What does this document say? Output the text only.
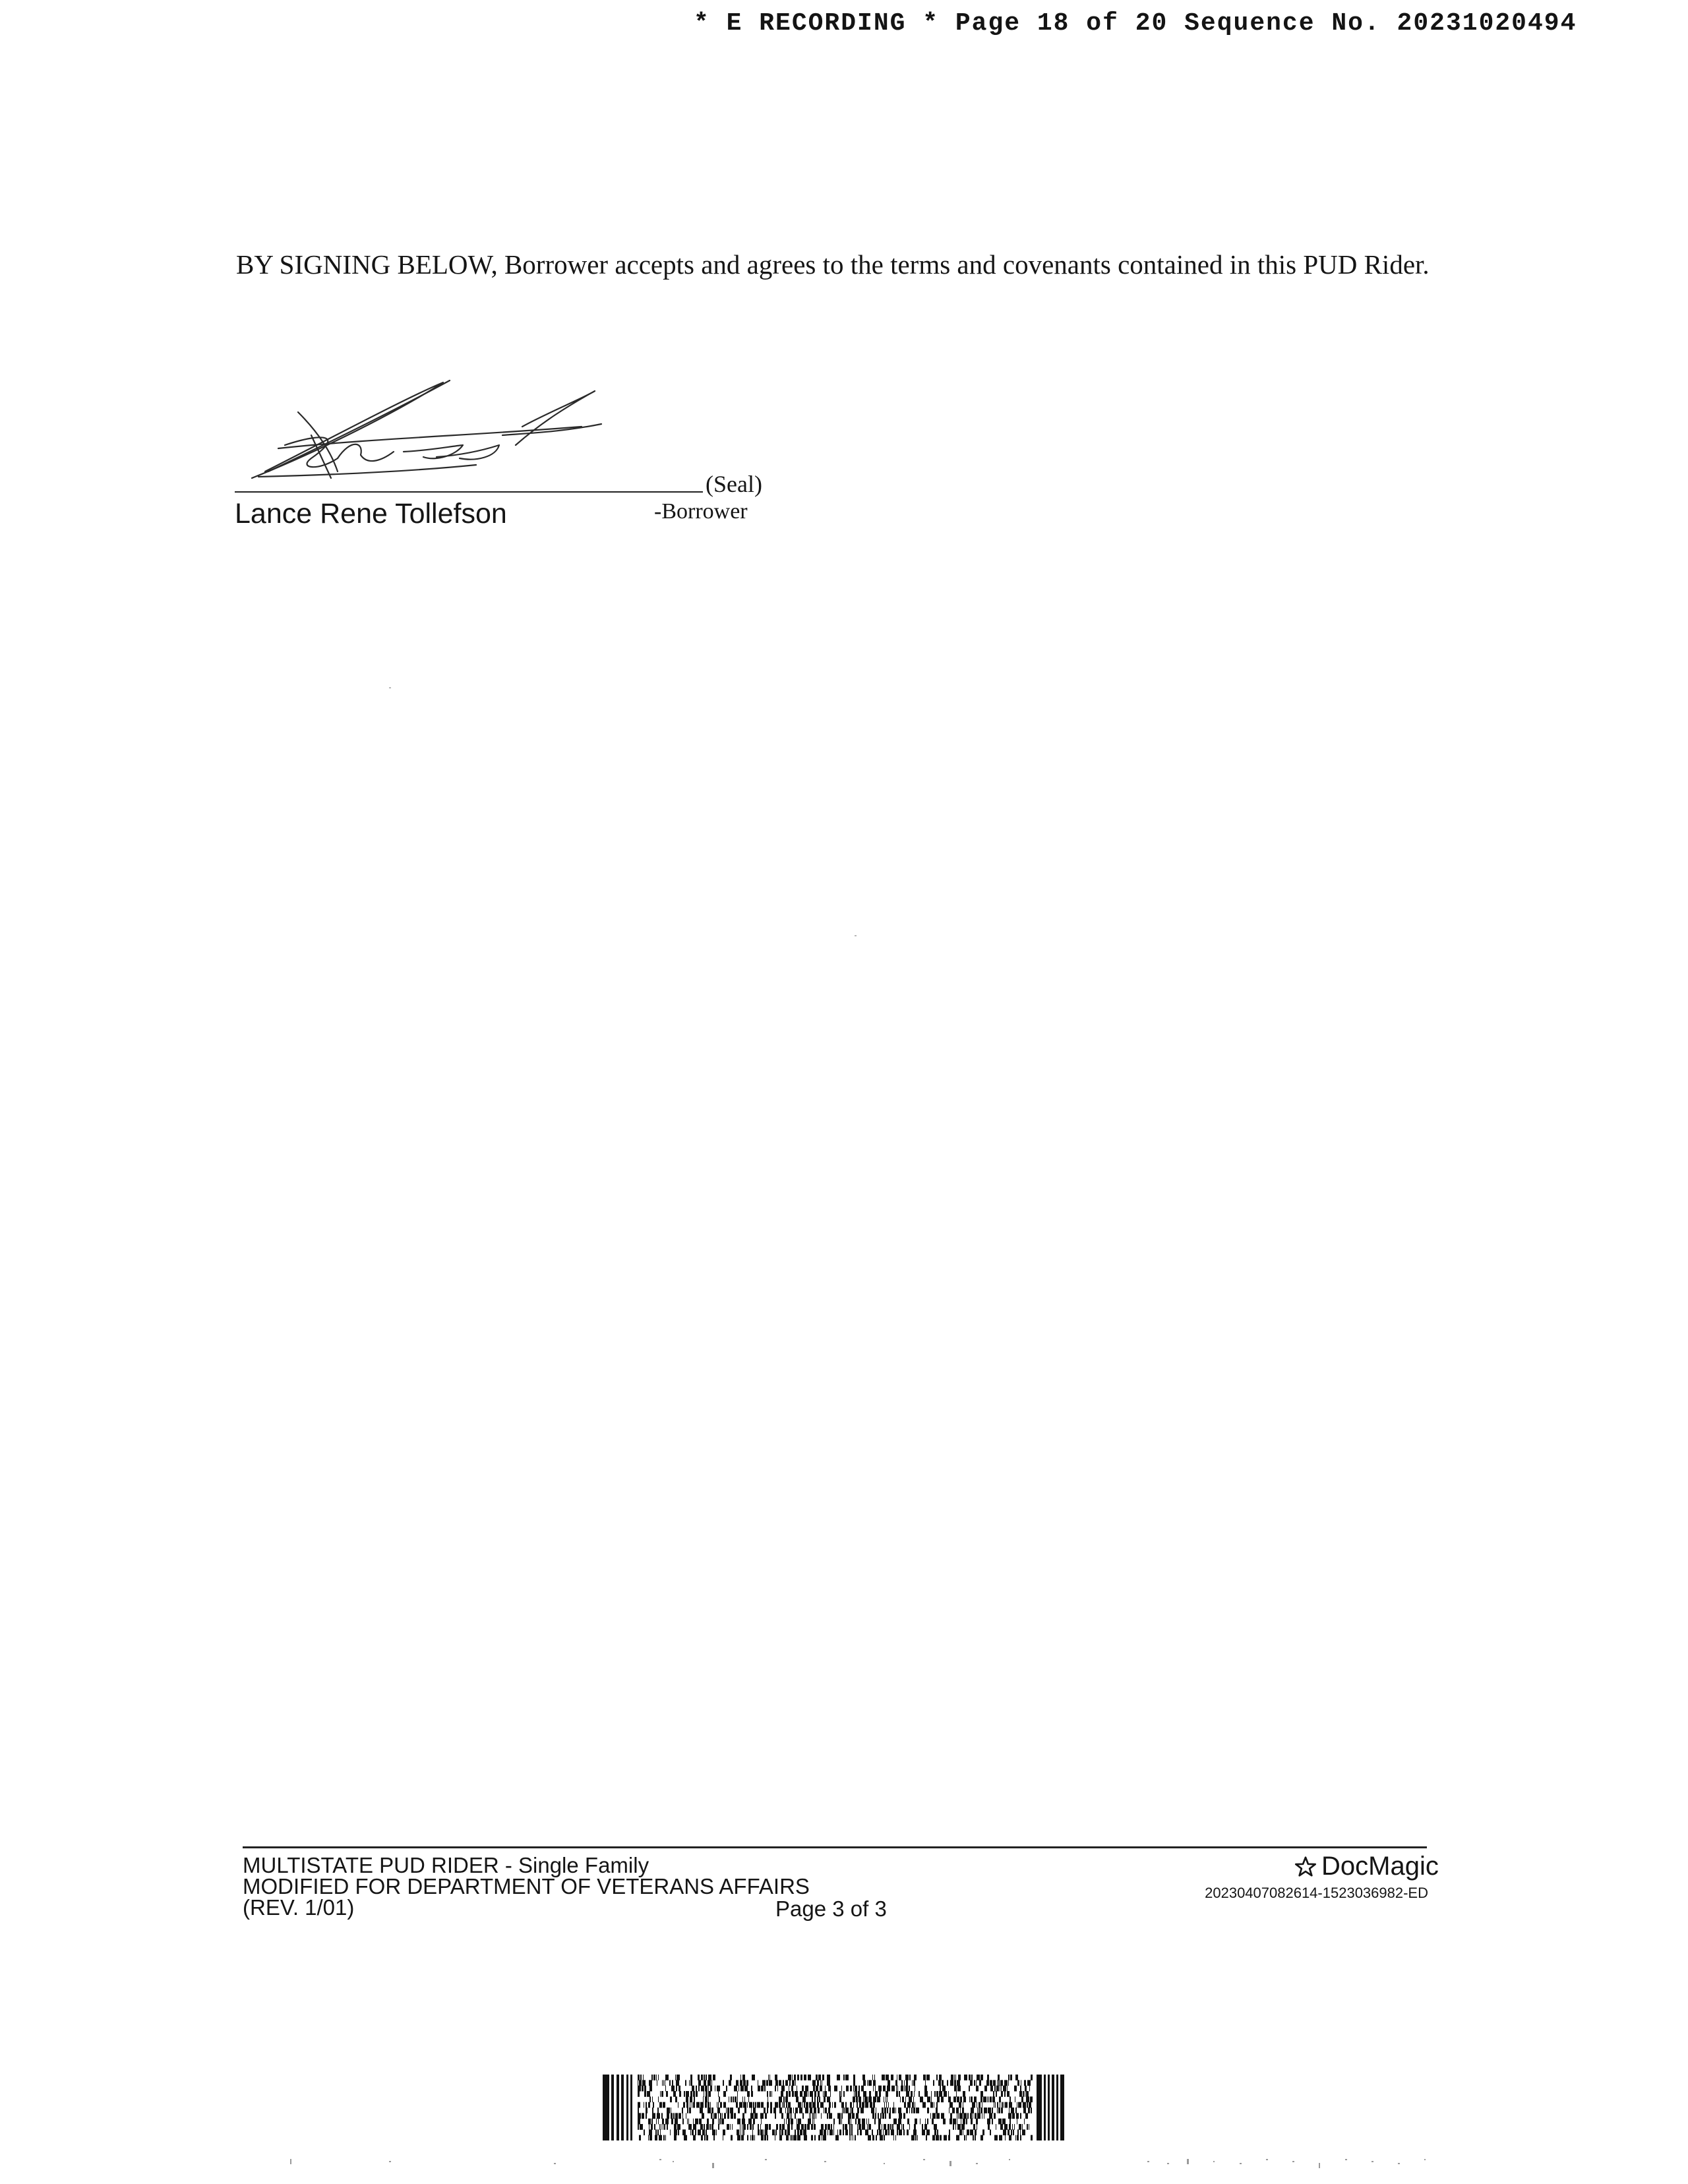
* E RECORDING * Page 18 of 20 Sequence No. 20231020494
BY SIGNING BELOW, Borrower accepts and agrees to the terms and covenants contained in this PUD Rider.
(Seal)
Lance Rene Tollefson	-Borrower
MULTISTATE PUD RIDER - Single Family
MODIFIED FOR DEPARTMENT OF VETERANS AFFAIRS
(REV. 1/01)	Page 3 of 3
DocMagic
20230407082614-1523036982-ED
